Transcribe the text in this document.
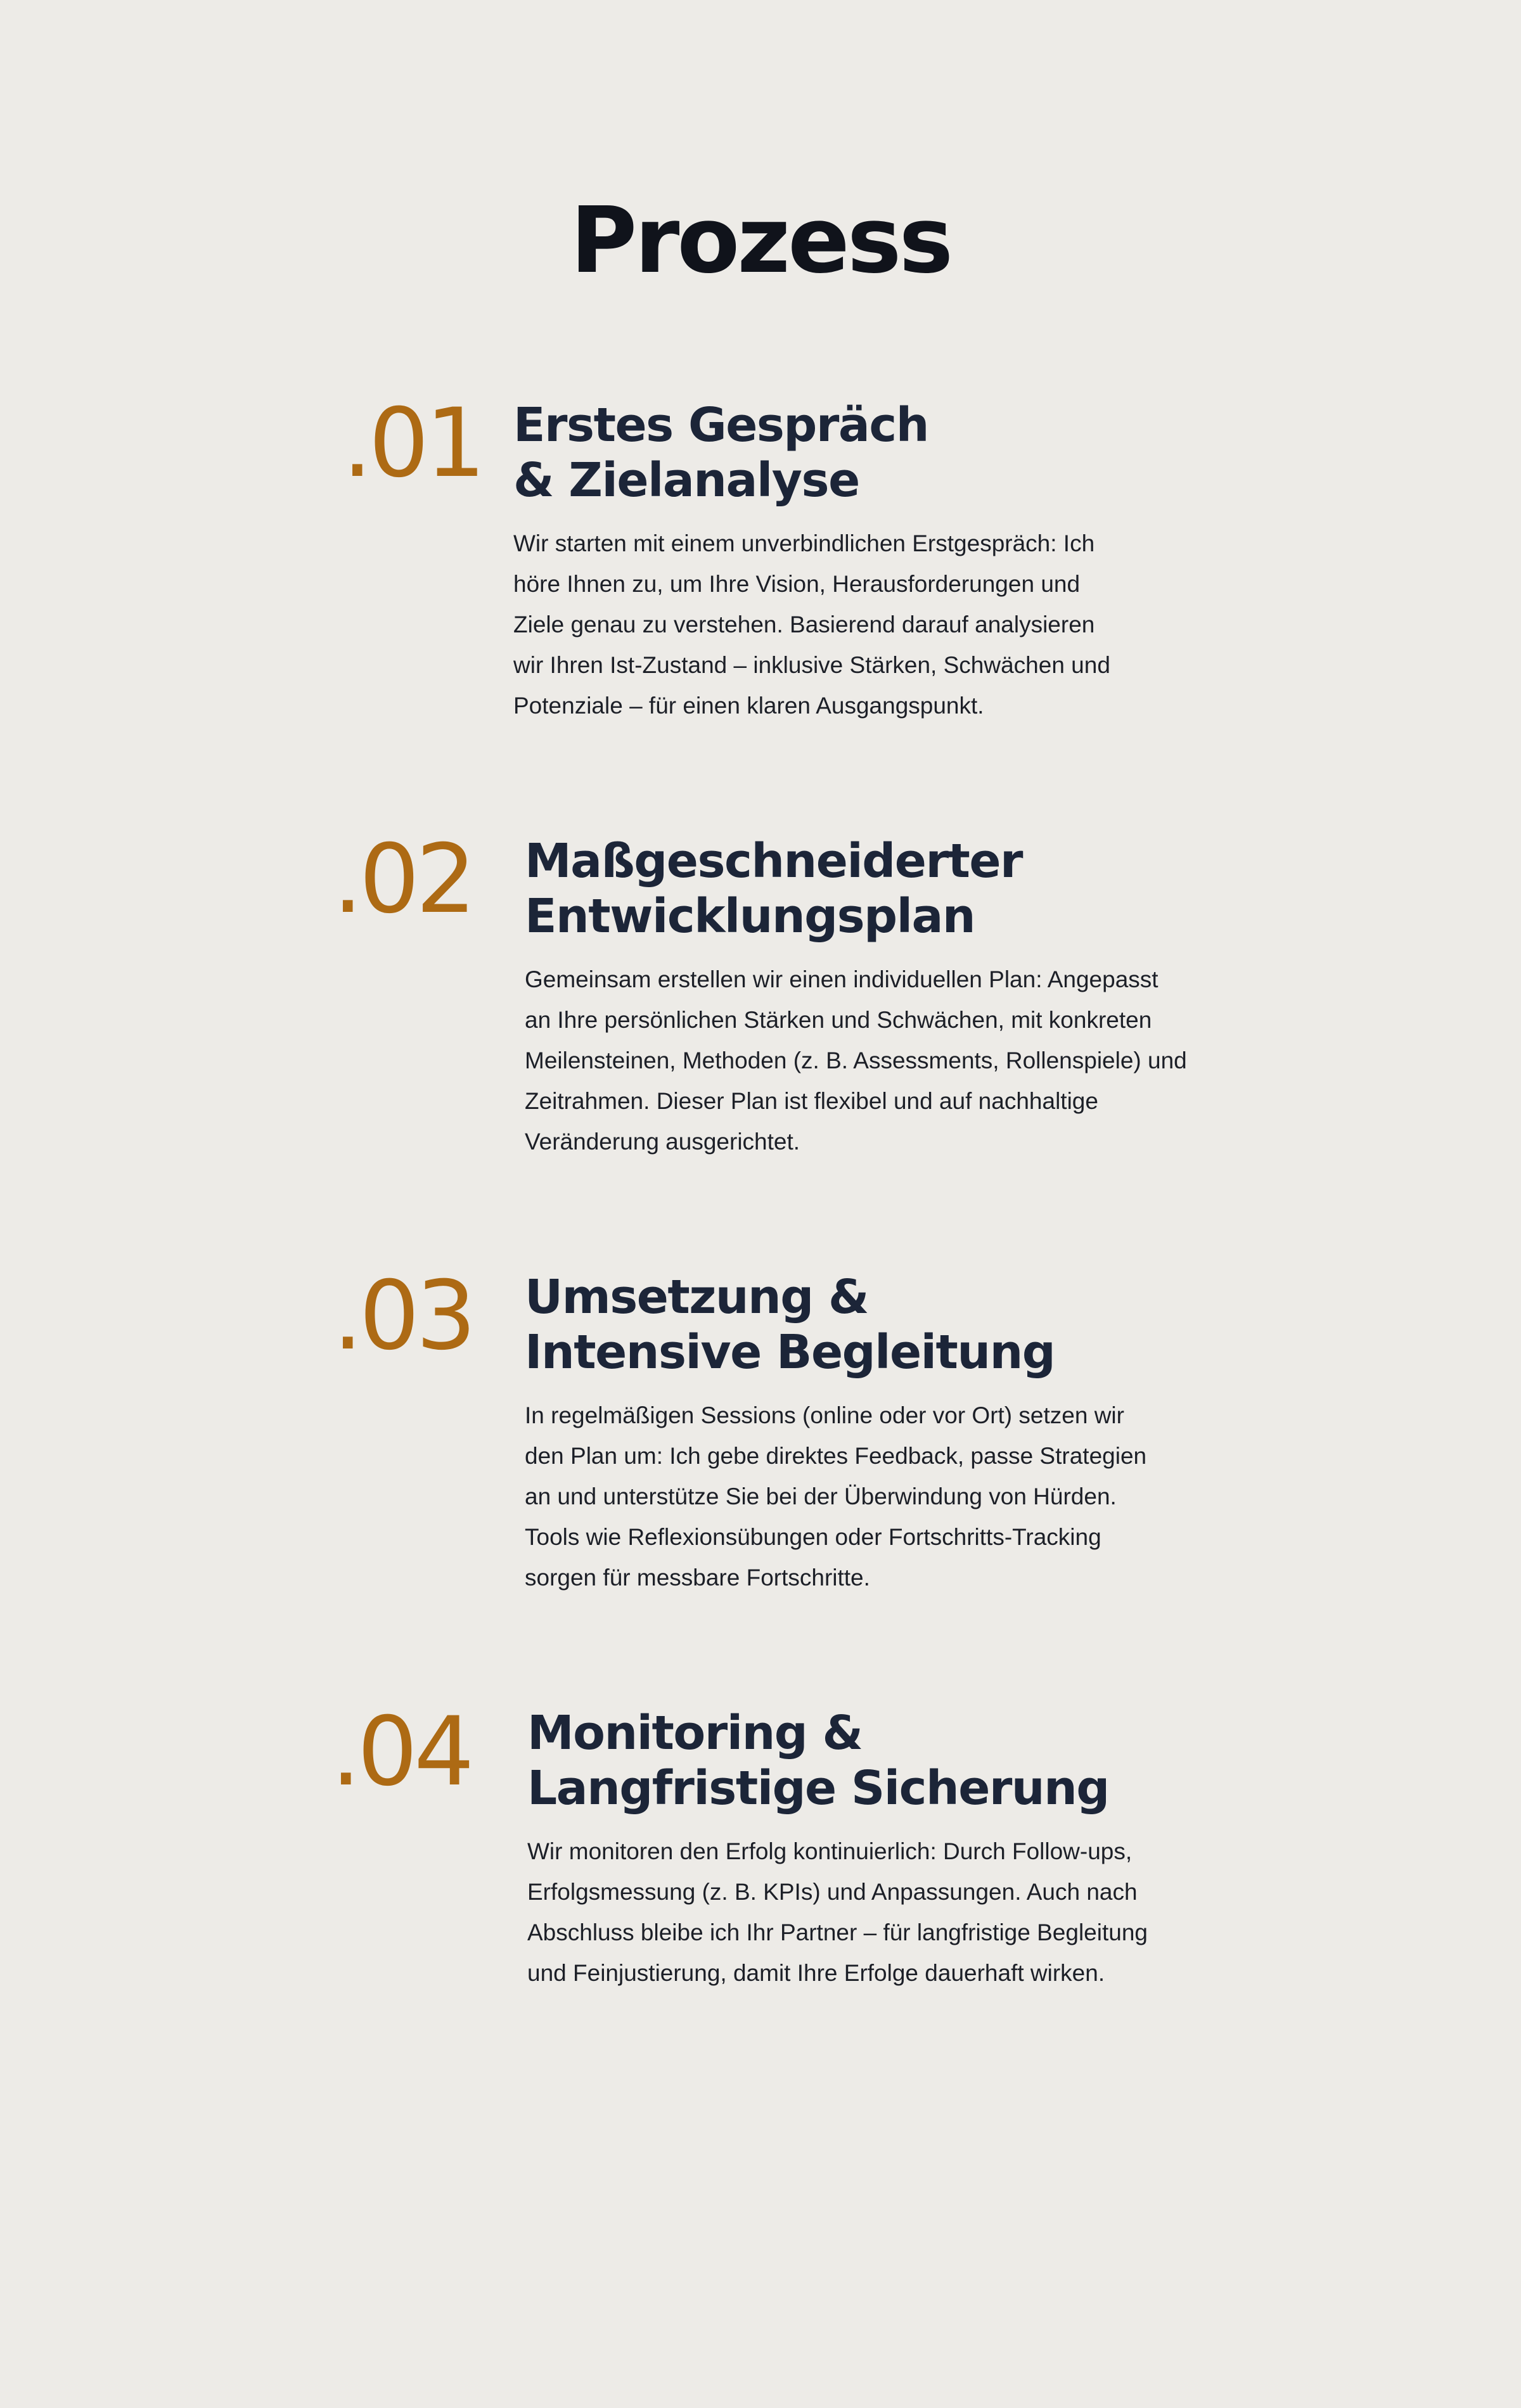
Prozess
.01 Erstes Gespräch & Zielanalyse

Wir starten mit einem unverbindlichen Erstgespräch: Ich höre Ihnen zu, um Ihre Vision, Herausforderungen und Ziele genau zu verstehen. Basierend darauf analysieren wir Ihren Ist-Zustand – inklusive Stärken, Schwächen und Potenziale – für einen klaren Ausgangspunkt.

.02 Maßgeschneiderter Entwicklungsplan

Gemeinsam erstellen wir einen individuellen Plan: Angepasst an Ihre persönlichen Stärken und Schwächen, mit konkreten Meilensteinen, Methoden (z. B. Assessments, Rollenspiele) und Zeitrahmen. Dieser Plan ist flexibel und auf nachhaltige Veränderung ausgerichtet.

.03 Umsetzung & Intensive Begleitung

In regelmäßigen Sessions (online oder vor Ort) setzen wir den Plan um: Ich gebe direktes Feedback, passe Strategien an und unterstütze Sie bei der Überwindung von Hürden. Tools wie Reflexionsübungen oder Fortschritts-Tracking sorgen für messbare Fortschritte.

.04 Monitoring & Langfristige Sicherung

Wir monitoren den Erfolg kontinuierlich: Durch Follow-ups, Erfolgsmessung (z. B. KPIs) und Anpassungen. Auch nach Abschluss bleibe ich Ihr Partner – für langfristige Begleitung und Feinjustierung, damit Ihre Erfolge dauerhaft wirken.
